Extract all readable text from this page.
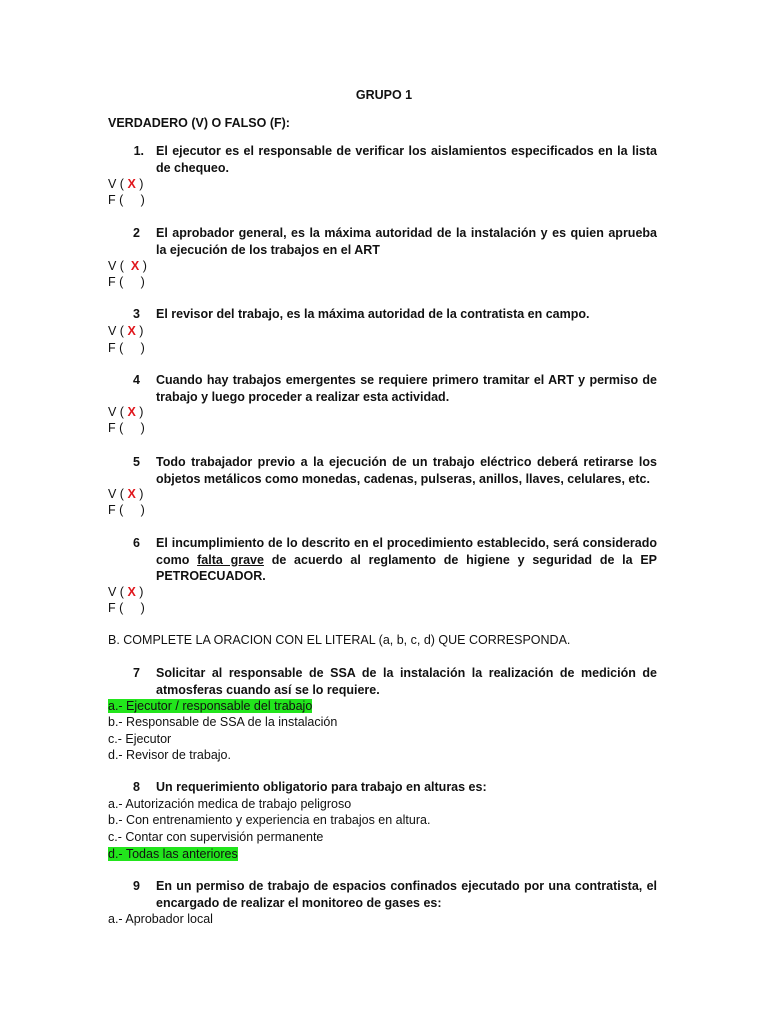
GRUPO 1
VERDADERO (V) O FALSO (F):
1. El ejecutor es el responsable de verificar los aislamientos especificados en la lista de chequeo.
V ( X )
F (     )
2 El aprobador general, es la máxima autoridad de la instalación y es quien aprueba la ejecución de los trabajos en el ART
V (  X )
F (     )
3 El revisor del trabajo, es la máxima autoridad de la contratista en campo.
V ( X )
F (     )
4 Cuando hay trabajos emergentes se requiere primero tramitar el ART y permiso de trabajo y luego proceder a realizar esta actividad.
V ( X )
F (     )
5 Todo trabajador previo a la ejecución de un trabajo eléctrico deberá retirarse los objetos metálicos como monedas, cadenas, pulseras, anillos, llaves, celulares, etc.
V ( X )
F (     )
6 El incumplimiento de lo descrito en el procedimiento establecido, será considerado como falta grave de acuerdo al reglamento de higiene y seguridad de la EP PETROECUADOR.
V ( X )
F (     )
B. COMPLETE LA ORACION CON EL LITERAL (a, b, c, d) QUE CORRESPONDA.
7 Solicitar al responsable de SSA de la instalación la realización de medición de atmosferas cuando así se lo requiere.
a.- Ejecutor / responsable del trabajo
b.- Responsable de SSA de la instalación
c.- Ejecutor
d.- Revisor de trabajo.
8 Un requerimiento obligatorio para trabajo en alturas es:
a.- Autorización medica de trabajo peligroso
b.- Con entrenamiento y experiencia en trabajos en altura.
c.- Contar con supervisión permanente
d.- Todas las anteriores
9 En un permiso de trabajo de espacios confinados ejecutado por una contratista, el encargado de realizar el monitoreo de gases es:
a.- Aprobador local
